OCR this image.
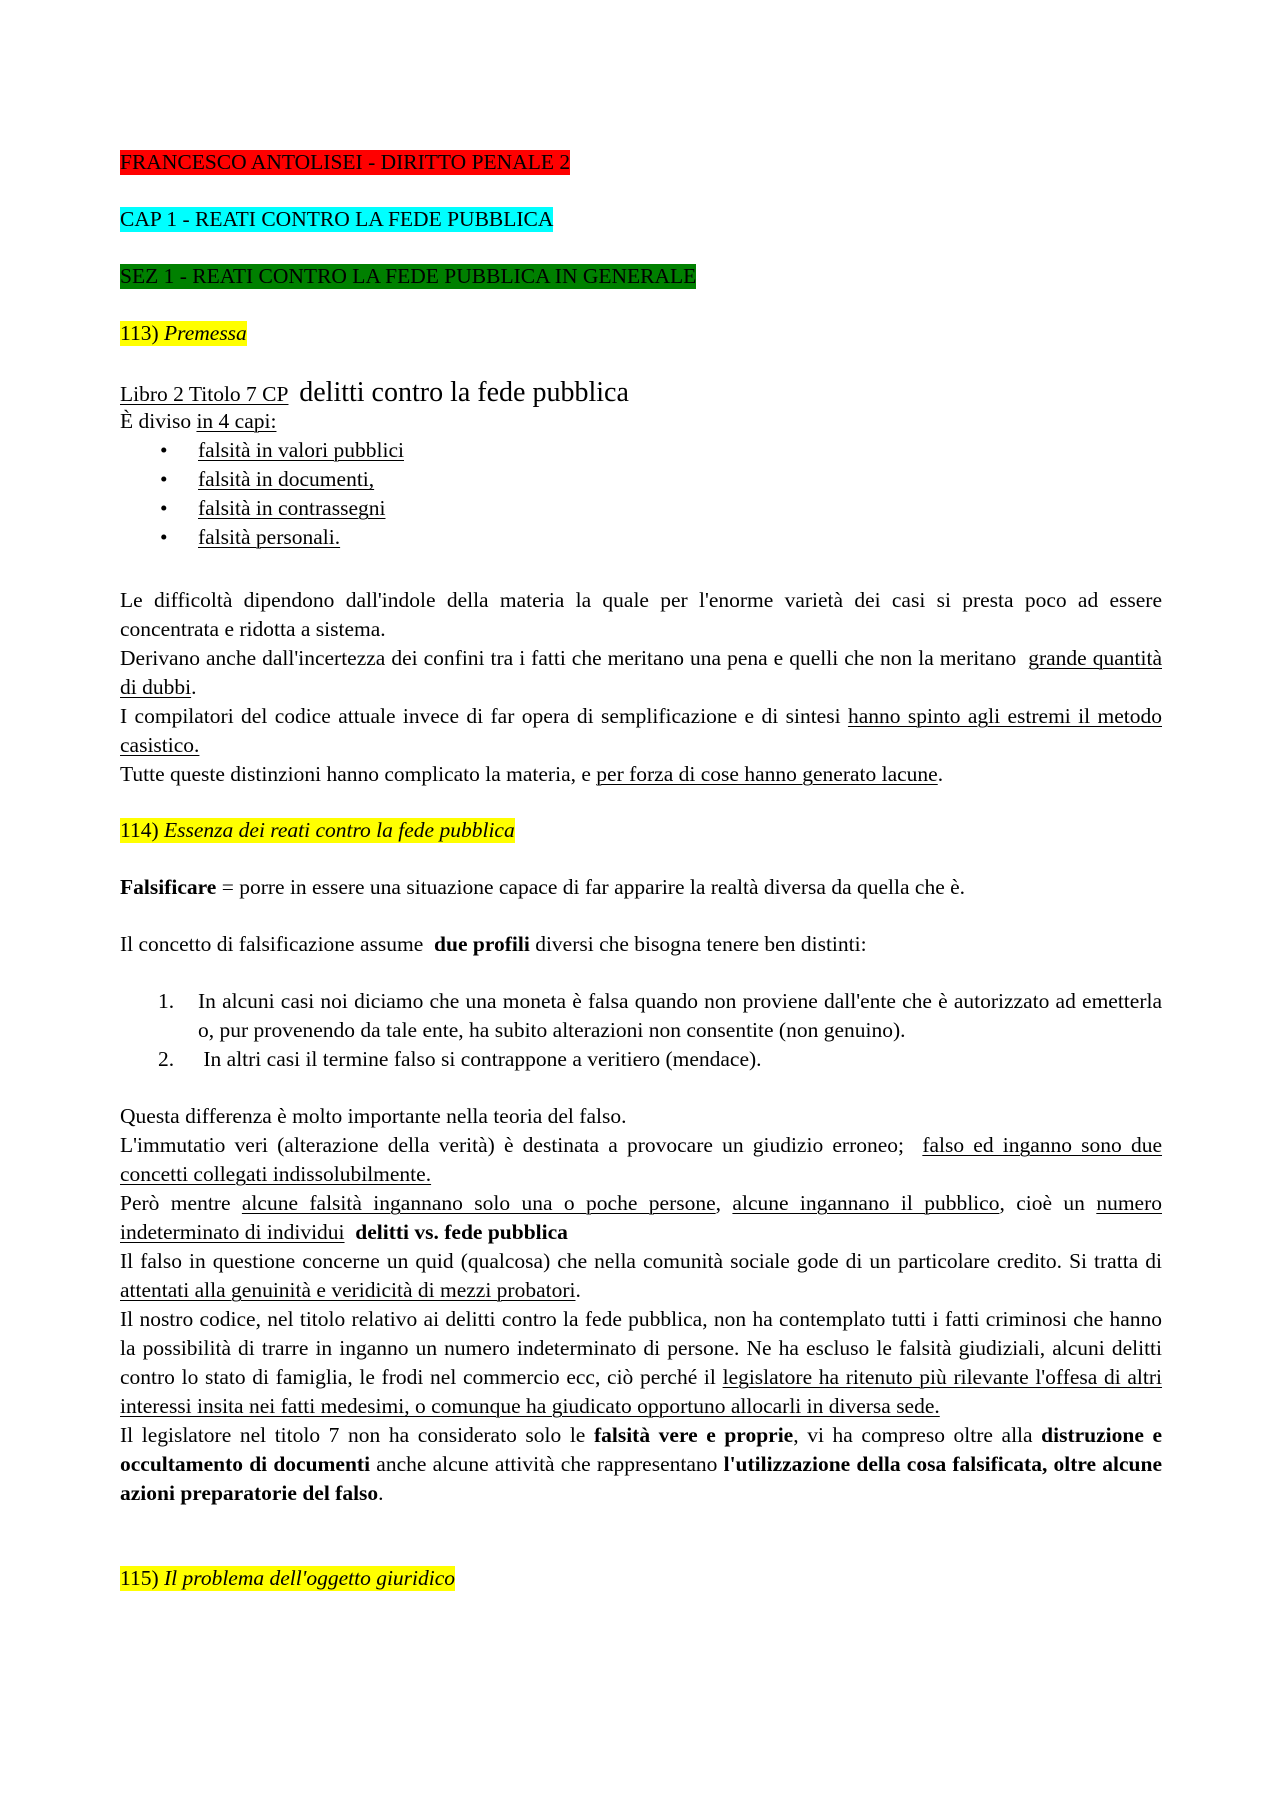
FRANCESCO ANTOLISEI - DIRITTO PENALE 2
CAP 1 - REATI CONTRO LA FEDE PUBBLICA
SEZ 1 - REATI CONTRO LA FEDE PUBBLICA IN GENERALE
113) Premessa

Libro 2 Titolo 7 CP delitti contro la fede pubblica

È diviso in 4 capi:

• falsità in valori pubblici
• falsità in documenti,
• falsità in contrassegni
• falsità personali.

Le difficoltà dipendono dall'indole della materia la quale per l'enorme varietà dei casi si presta poco ad essere concentrata e ridotta a sistema.

Derivano anche dall'incertezza dei confini tra i fatti che meritano una pena e quelli che non la meritano grande quantità di dubbi.

I compilatori del codice attuale invece di far opera di semplificazione e di sintesi hanno spinto agli estremi il metodo casistico.

Tutte queste distinzioni hanno complicato la materia, e per forza di cose hanno generato lacune.

114) Essenza dei reati contro la fede pubblica

Falsificare = porre in essere una situazione capace di far apparire la realtà diversa da quella che è.

Il concetto di falsificazione assume due profili diversi che bisogna tenere ben distinti:

1. In alcuni casi noi diciamo che una moneta è falsa quando non proviene dall'ente che è autorizzato ad emetterla o, pur provenendo da tale ente, ha subito alterazioni non consentite (non genuino).
2. In altri casi il termine falso si contrappone a veritiero (mendace).

Questa differenza è molto importante nella teoria del falso.

L'immutatio veri (alterazione della verità) è destinata a provocare un giudizio erroneo; falso ed inganno sono due concetti collegati indissolubilmente.

Però mentre alcune falsità ingannano solo una o poche persone, alcune ingannano il pubblico, cioè un numero indeterminato di individui delitti vs. fede pubblica

Il falso in questione concerne un quid (qualcosa) che nella comunità sociale gode di un particolare credito. Si tratta di attentati alla genuinità e veridicità di mezzi probatori.

Il nostro codice, nel titolo relativo ai delitti contro la fede pubblica, non ha contemplato tutti i fatti criminosi che hanno la possibilità di trarre in inganno un numero indeterminato di persone. Ne ha escluso le falsità giudiziali, alcuni delitti contro lo stato di famiglia, le frodi nel commercio ecc, ciò perché il legislatore ha ritenuto più rilevante l'offesa di altri interessi insita nei fatti medesimi, o comunque ha giudicato opportuno allocarli in diversa sede.

Il legislatore nel titolo 7 non ha considerato solo le falsità vere e proprie, vi ha compreso oltre alla distruzione e occultamento di documenti anche alcune attività che rappresentano l'utilizzazione della cosa falsificata, oltre alcune azioni preparatorie del falso.

115) Il problema dell'oggetto giuridico
